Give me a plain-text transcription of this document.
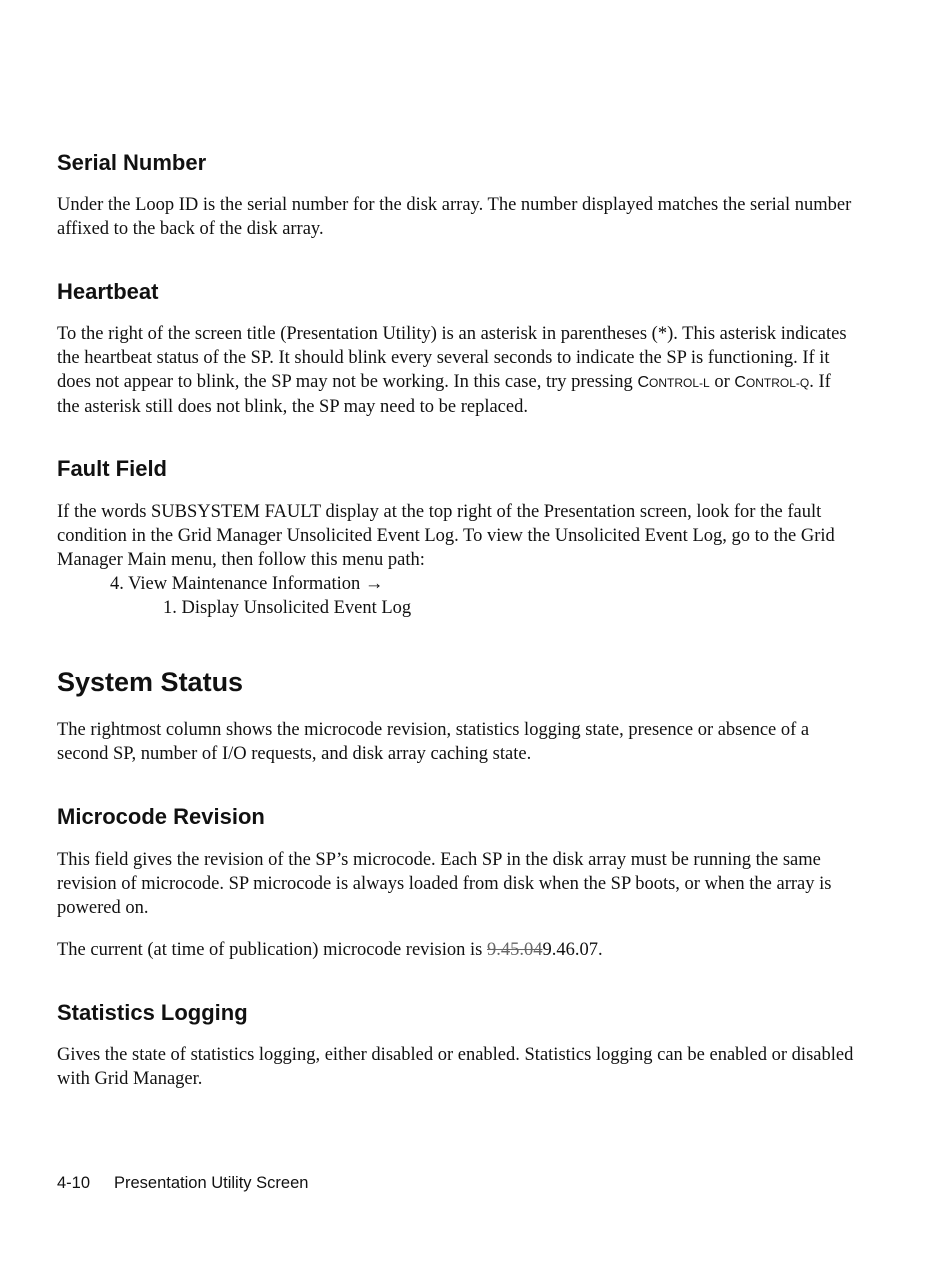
Serial Number

Under the Loop ID is the serial number for the disk array. The number displayed matches the serial number affixed to the back of the disk array.

Heartbeat

To the right of the screen title (Presentation Utility) is an asterisk in parentheses (*). This asterisk indicates the heartbeat status of the SP. It should blink every several seconds to indicate the SP is functioning. If it does not appear to blink, the SP may not be working. In this case, try pressing CONTROL-L or CONTROL-Q. If the asterisk still does not blink, the SP may need to be replaced.

Fault Field

If the words SUBSYSTEM FAULT display at the top right of the Presentation screen, look for the fault condition in the Grid Manager Unsolicited Event Log. To view the Unsolicited Event Log, go to the Grid Manager Main menu, then follow this menu path:

4. View Maintenance Information →

1. Display Unsolicited Event Log

System Status

The rightmost column shows the microcode revision, statistics logging state, presence or absence of a second SP, number of I/O requests, and disk array caching state.

Microcode Revision

This field gives the revision of the SP’s microcode. Each SP in the disk array must be running the same revision of microcode. SP microcode is always loaded from disk when the SP boots, or when the array is powered on.

The current (at time of publication) microcode revision is 9.45.049.46.07.

Statistics Logging

Gives the state of statistics logging, either disabled or enabled. Statistics logging can be enabled or disabled with Grid Manager.

4-10 Presentation Utility Screen
